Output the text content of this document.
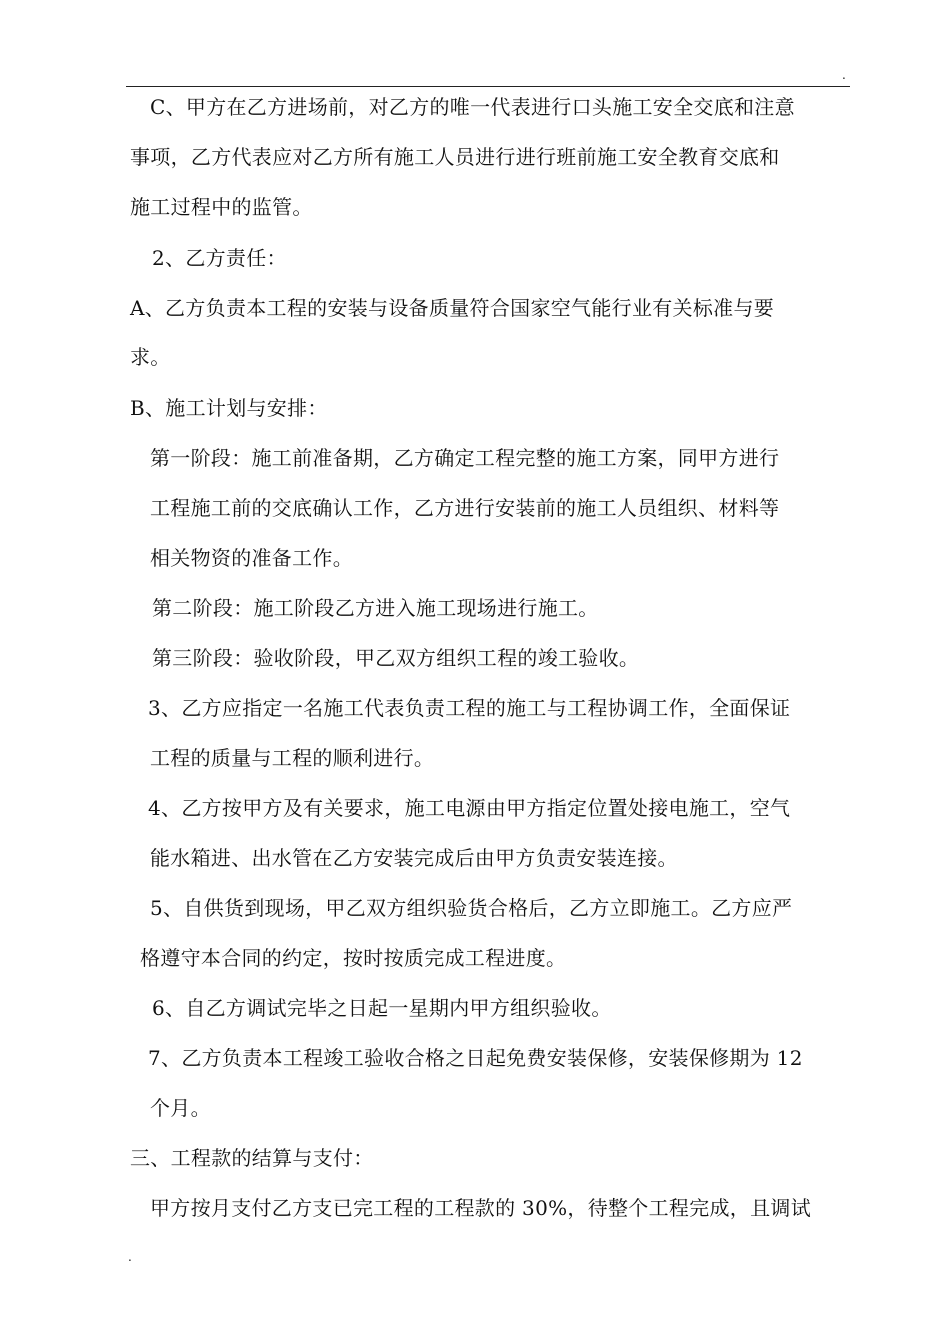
.

C、甲方在乙方进场前，对乙方的唯一代表进行口头施工安全交底和注意

事项，乙方代表应对乙方所有施工人员进行进行班前施工安全教育交底和

施工过程中的监管。

2、乙方责任：

A、乙方负责本工程的安装与设备质量符合国家空气能行业有关标准与要

求。

B、施工计划与安排：

第一阶段：施工前准备期，乙方确定工程完整的施工方案，同甲方进行

工程施工前的交底确认工作，乙方进行安装前的施工人员组织、材料等

相关物资的准备工作。

第二阶段：施工阶段乙方进入施工现场进行施工。

第三阶段：验收阶段，甲乙双方组织工程的竣工验收。

3、乙方应指定一名施工代表负责工程的施工与工程协调工作，全面保证

工程的质量与工程的顺利进行。

4、乙方按甲方及有关要求，施工电源由甲方指定位置处接电施工，空气

能水箱进、出水管在乙方安装完成后由甲方负责安装连接。

5、自供货到现场，甲乙双方组织验货合格后，乙方立即施工。乙方应严

格遵守本合同的约定，按时按质完成工程进度。

6、自乙方调试完毕之日起一星期内甲方组织验收。

7、乙方负责本工程竣工验收合格之日起免费安装保修，安装保修期为 12

个月。

三、工程款的结算与支付：

甲方按月支付乙方支已完工程的工程款的 30%，待整个工程完成，且调试

.
